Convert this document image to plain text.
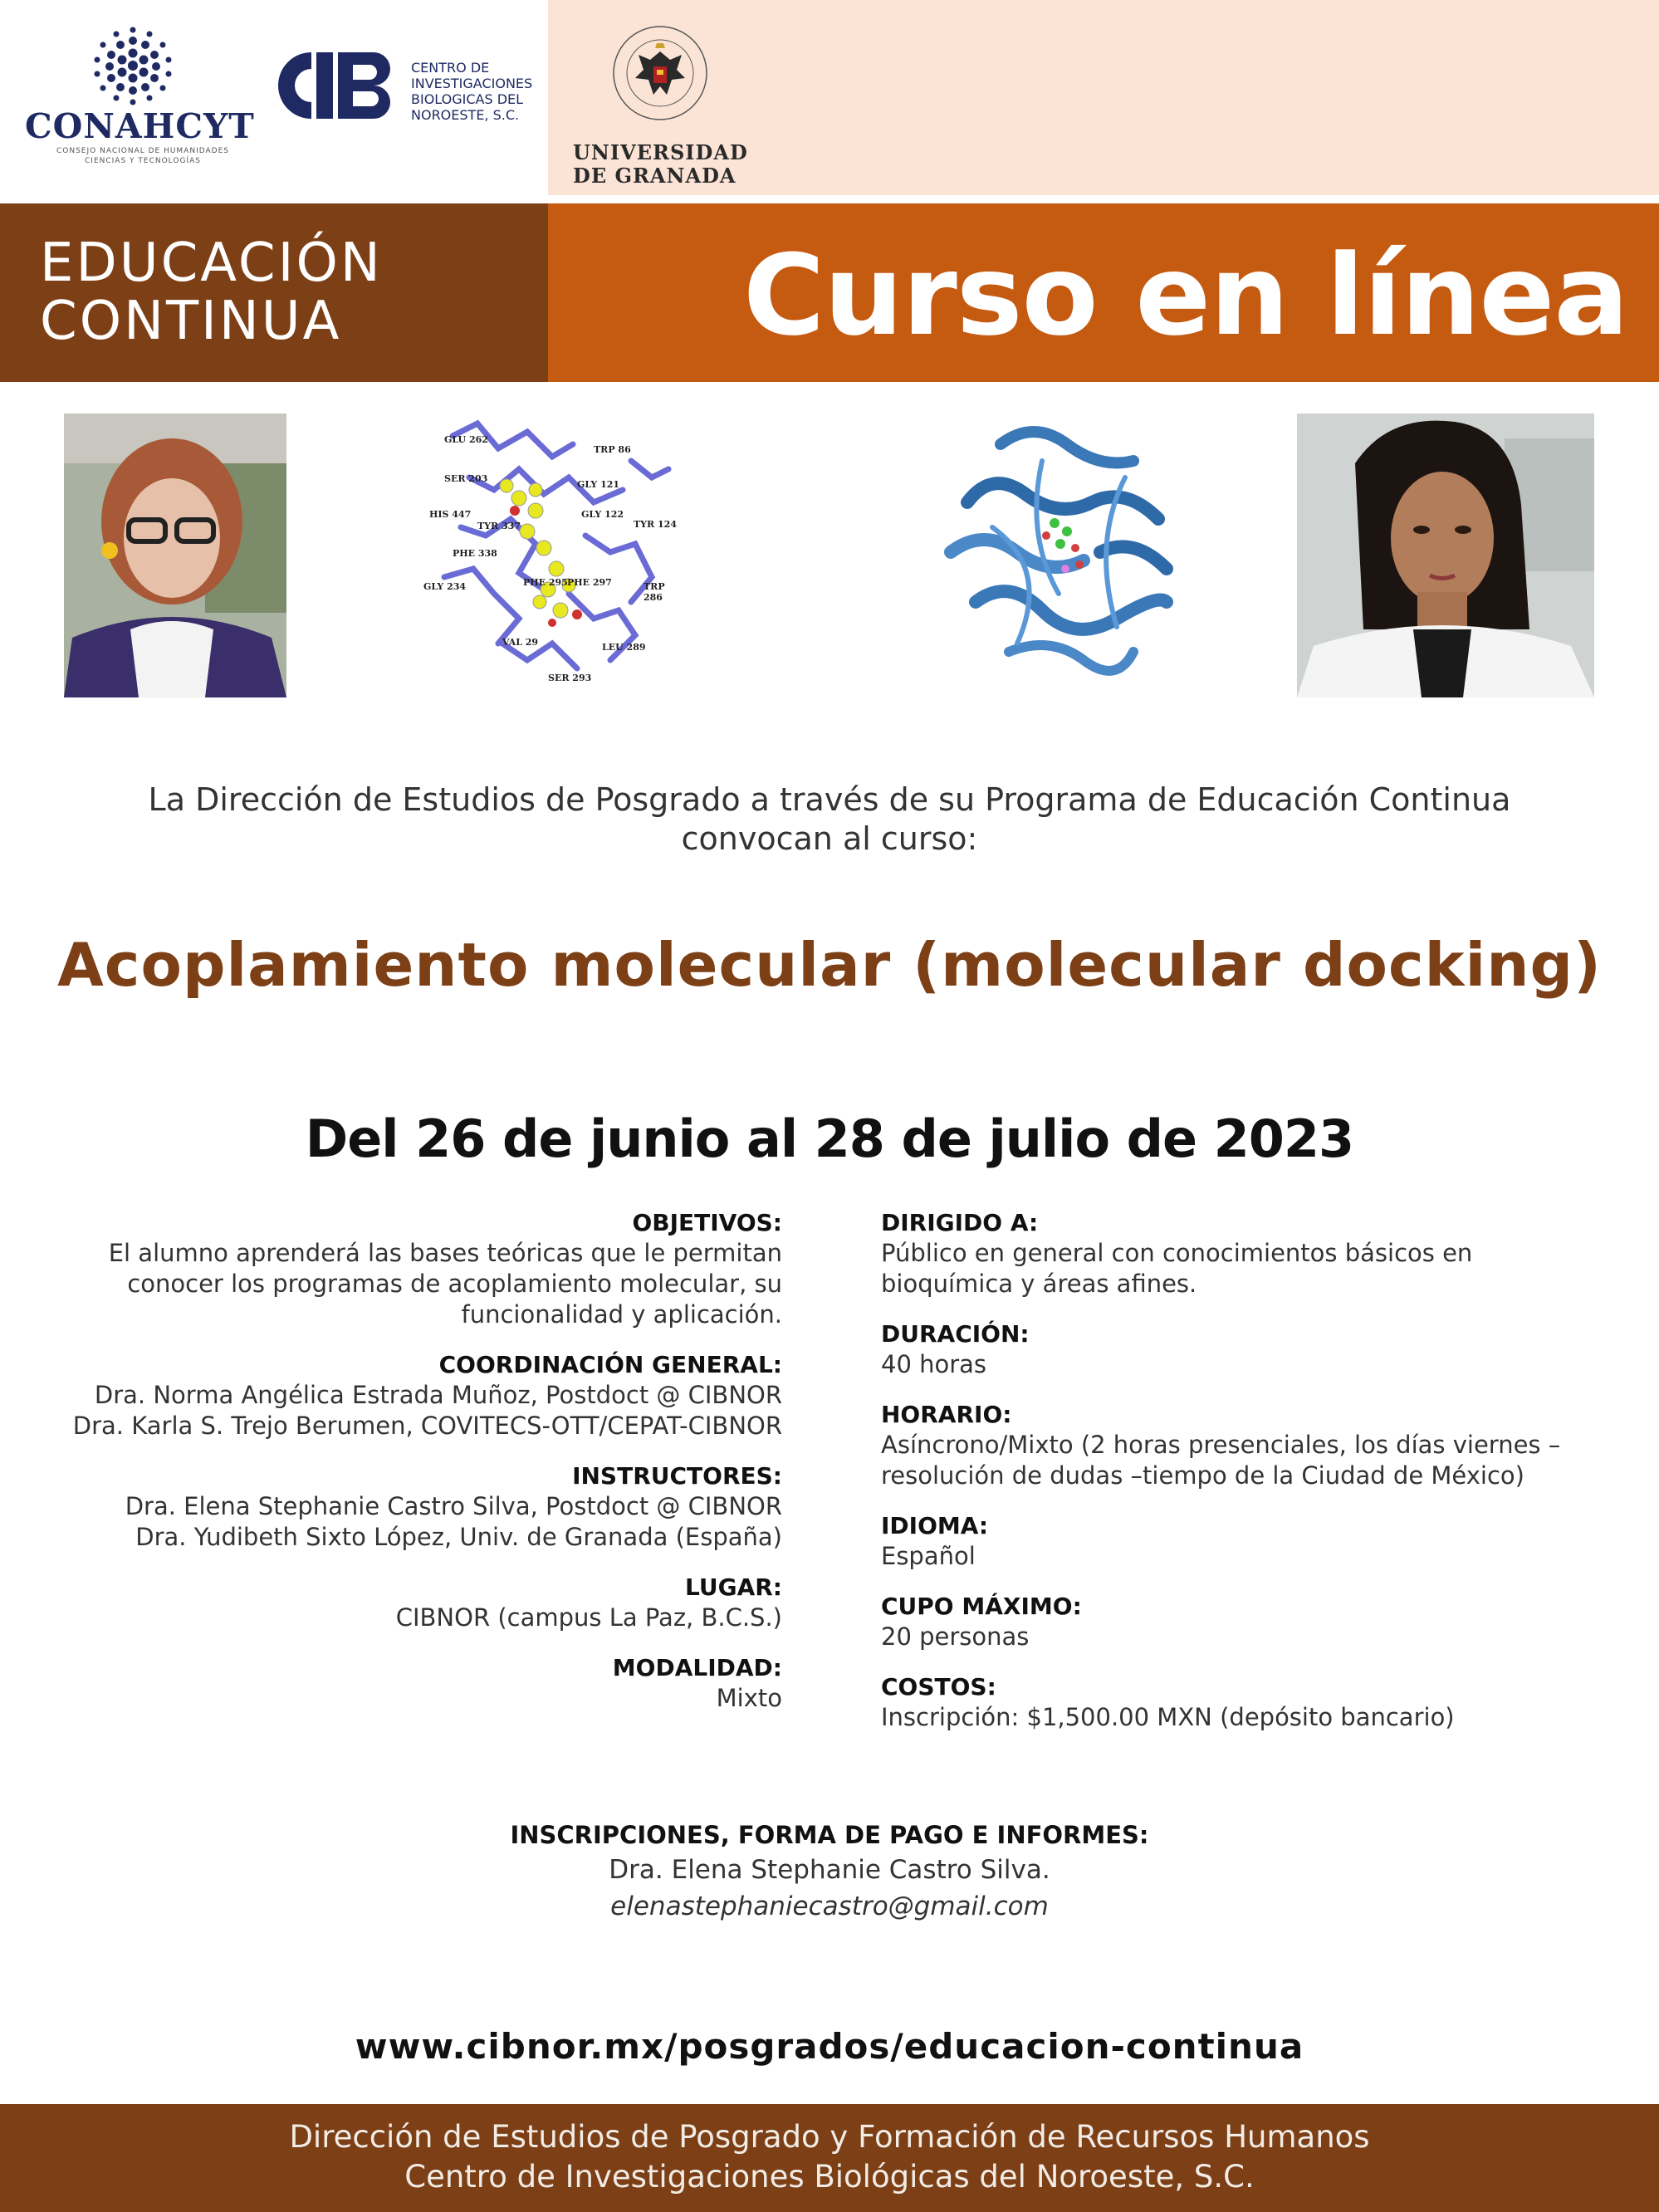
CONAHCYT
CONSEJO NACIONAL DE HUMANIDADES CIENCIAS Y TECNOLOGÍAS
CENTRO DE
INVESTIGACIONES
BIOLOGICAS DEL
NOROESTE, S.C.
UNIVERSIDAD
DE GRANADA
EDUCACIÓN
CONTINUA	Curso en línea
GLU 262
TRP 86
SER 203
GLY 121
HIS 447	GLY 122
TYR 337	TYR 124
PHE 338
GLY 234	PHE 295 PHE 297	TRP 286
VAL 29	LEU 289
SER 293
La Dirección de Estudios de Posgrado a través de su Programa de Educación Continua
convocan al curso:
Acoplamiento molecular (molecular docking)
Del 26 de junio al 28 de julio de 2023
OBJETIVOS:
El alumno aprenderá las bases teóricas que le permitan
conocer los programas de acoplamiento molecular, su
funcionalidad y aplicación.
COORDINACIÓN GENERAL:
Dra. Norma Angélica Estrada Muñoz, Postdoct @ CIBNOR
Dra. Karla S. Trejo Berumen, COVITECS-OTT/CEPAT-CIBNOR
INSTRUCTORES:
Dra. Elena Stephanie Castro Silva, Postdoct @ CIBNOR
Dra. Yudibeth Sixto López, Univ. de Granada (España)
LUGAR:
CIBNOR (campus La Paz, B.C.S.)
MODALIDAD:
Mixto
DIRIGIDO A:
Público en general con conocimientos básicos en
bioquímica y áreas afines.
DURACIÓN:
40 horas
HORARIO:
Asíncrono/Mixto (2 horas presenciales, los días viernes –
resolución de dudas –tiempo de la Ciudad de México)
IDIOMA:
Español
CUPO MÁXIMO:
20 personas
COSTOS:
Inscripción: $1,500.00 MXN (depósito bancario)
INSCRIPCIONES, FORMA DE PAGO E INFORMES:
Dra. Elena Stephanie Castro Silva.
elenastephaniecastro@gmail.com
www.cibnor.mx/posgrados/educacion-continua
Dirección de Estudios de Posgrado y Formación de Recursos Humanos
Centro de Investigaciones Biológicas del Noroeste, S.C.
